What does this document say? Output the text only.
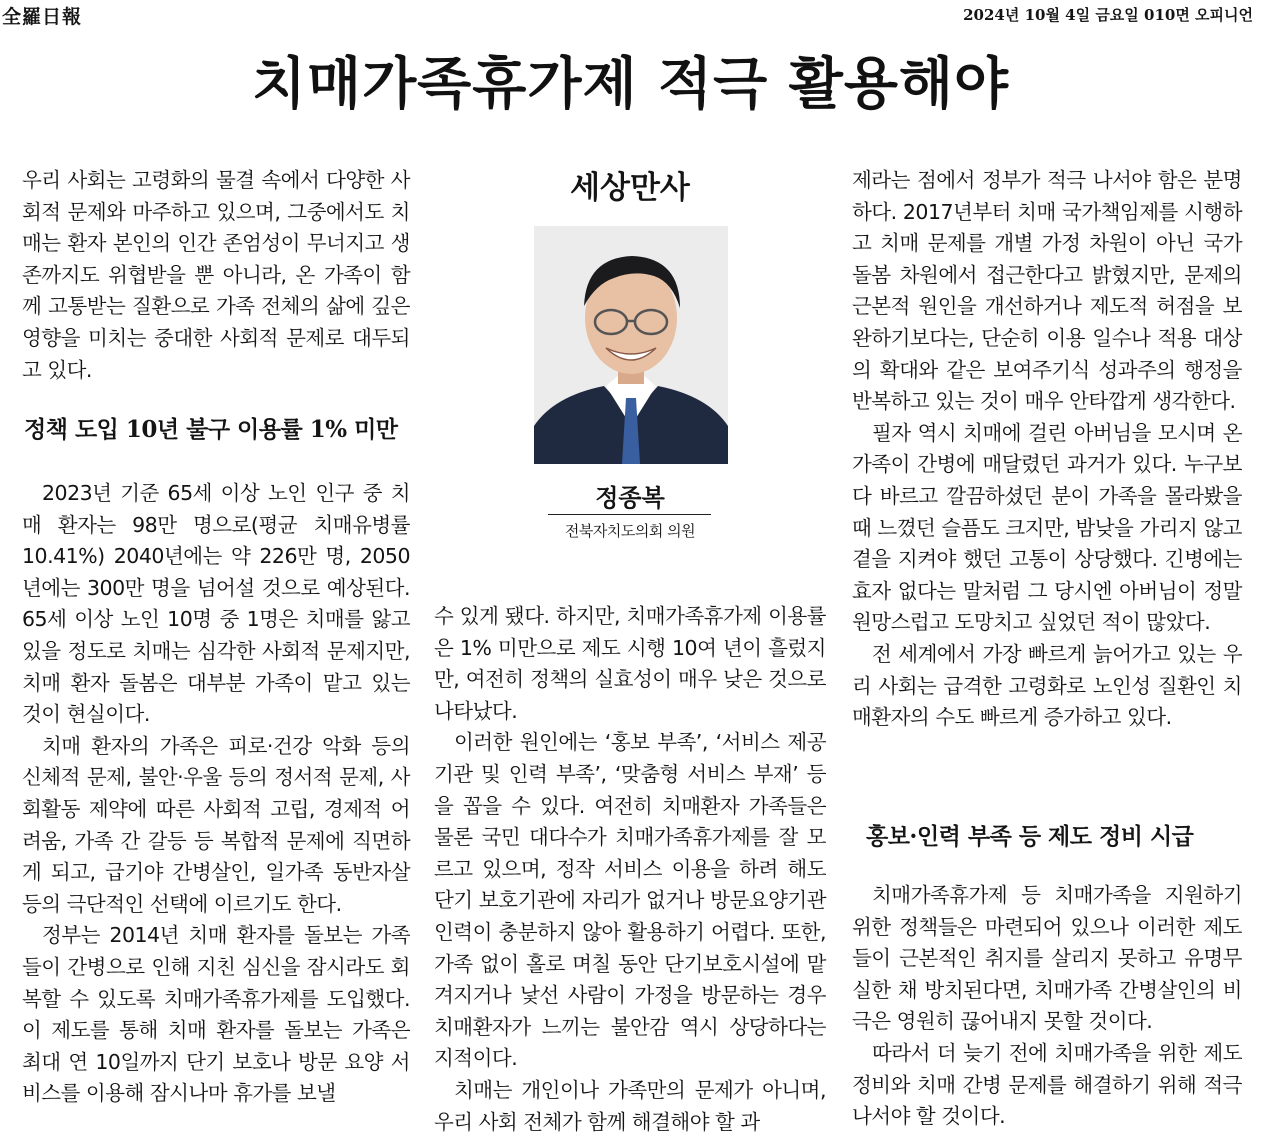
全羅日報	2024년 10월 4일 금요일 010면 오피니언
치매가족휴가제 적극 활용해야

우리 사회는 고령화의 물결 속에서 다양한 사회적 문제와 마주하고 있으며, 그중에서도 치매는 환자 본인의 인간 존엄성이 무너지고 생존까지도 위협받을 뿐 아니라, 온 가족이 함께 고통받는 질환으로 가족 전체의 삶에 깊은 영향을 미치는 중대한 사회적 문제로 대두되고 있다.

정책 도입 10년 불구 이용률 1% 미만

2023년 기준 65세 이상 노인 인구 중 치매 환자는 98만 명으로(평균 치매유병률 10.41%) 2040년에는 약 226만 명, 2050년에는 300만 명을 넘어설 것으로 예상된다. 65세 이상 노인 10명 중 1명은 치매를 앓고 있을 정도로 치매는 심각한 사회적 문제지만, 치매 환자 돌봄은 대부분 가족이 맡고 있는 것이 현실이다.

치매 환자의 가족은 피로·건강 악화 등의 신체적 문제, 불안·우울 등의 정서적 문제, 사회활동 제약에 따른 사회적 고립, 경제적 어려움, 가족 간 갈등 등 복합적 문제에 직면하게 되고, 급기야 간병살인, 일가족 동반자살 등의 극단적인 선택에 이르기도 한다.

정부는 2014년 치매 환자를 돌보는 가족들이 간병으로 인해 지친 심신을 잠시라도 회복할 수 있도록 치매가족휴가제를 도입했다. 이 제도를 통해 치매 환자를 돌보는 가족은 최대 연 10일까지 단기 보호나 방문 요양 서비스를 이용해 잠시나마 휴가를 보낼

세상만사
정종복
전북자치도의회 의원

수 있게 됐다. 하지만, 치매가족휴가제 이용률은 1% 미만으로 제도 시행 10여 년이 흘렀지만, 여전히 정책의 실효성이 매우 낮은 것으로 나타났다.

이러한 원인에는 ‘홍보 부족’, ‘서비스 제공 기관 및 인력 부족’, ‘맞춤형 서비스 부재’ 등을 꼽을 수 있다. 여전히 치매환자 가족들은 물론 국민 대다수가 치매가족휴가제를 잘 모르고 있으며, 정작 서비스 이용을 하려 해도 단기 보호기관에 자리가 없거나 방문요양기관 인력이 충분하지 않아 활용하기 어렵다. 또한, 가족 없이 홀로 며칠 동안 단기보호시설에 맡겨지거나 낯선 사람이 가정을 방문하는 경우 치매환자가 느끼는 불안감 역시 상당하다는 지적이다.

치매는 개인이나 가족만의 문제가 아니며, 우리 사회 전체가 함께 해결해야 할 과

제라는 점에서 정부가 적극 나서야 함은 분명하다. 2017년부터 치매 국가책임제를 시행하고 치매 문제를 개별 가정 차원이 아닌 국가 돌봄 차원에서 접근한다고 밝혔지만, 문제의 근본적 원인을 개선하거나 제도적 허점을 보완하기보다는, 단순히 이용 일수나 적용 대상의 확대와 같은 보여주기식 성과주의 행정을 반복하고 있는 것이 매우 안타깝게 생각한다.

필자 역시 치매에 걸린 아버님을 모시며 온 가족이 간병에 매달렸던 과거가 있다. 누구보다 바르고 깔끔하셨던 분이 가족을 몰라봤을 때 느꼈던 슬픔도 크지만, 밤낮을 가리지 않고 곁을 지켜야 했던 고통이 상당했다. 긴병에는 효자 없다는 말처럼 그 당시엔 아버님이 정말 원망스럽고 도망치고 싶었던 적이 많았다.

전 세계에서 가장 빠르게 늙어가고 있는 우리 사회는 급격한 고령화로 노인성 질환인 치매환자의 수도 빠르게 증가하고 있다.

홍보·인력 부족 등 제도 정비 시급

치매가족휴가제 등 치매가족을 지원하기 위한 정책들은 마련되어 있으나 이러한 제도들이 근본적인 취지를 살리지 못하고 유명무실한 채 방치된다면, 치매가족 간병살인의 비극은 영원히 끊어내지 못할 것이다.

따라서 더 늦기 전에 치매가족을 위한 제도 정비와 치매 간병 문제를 해결하기 위해 적극 나서야 할 것이다.
